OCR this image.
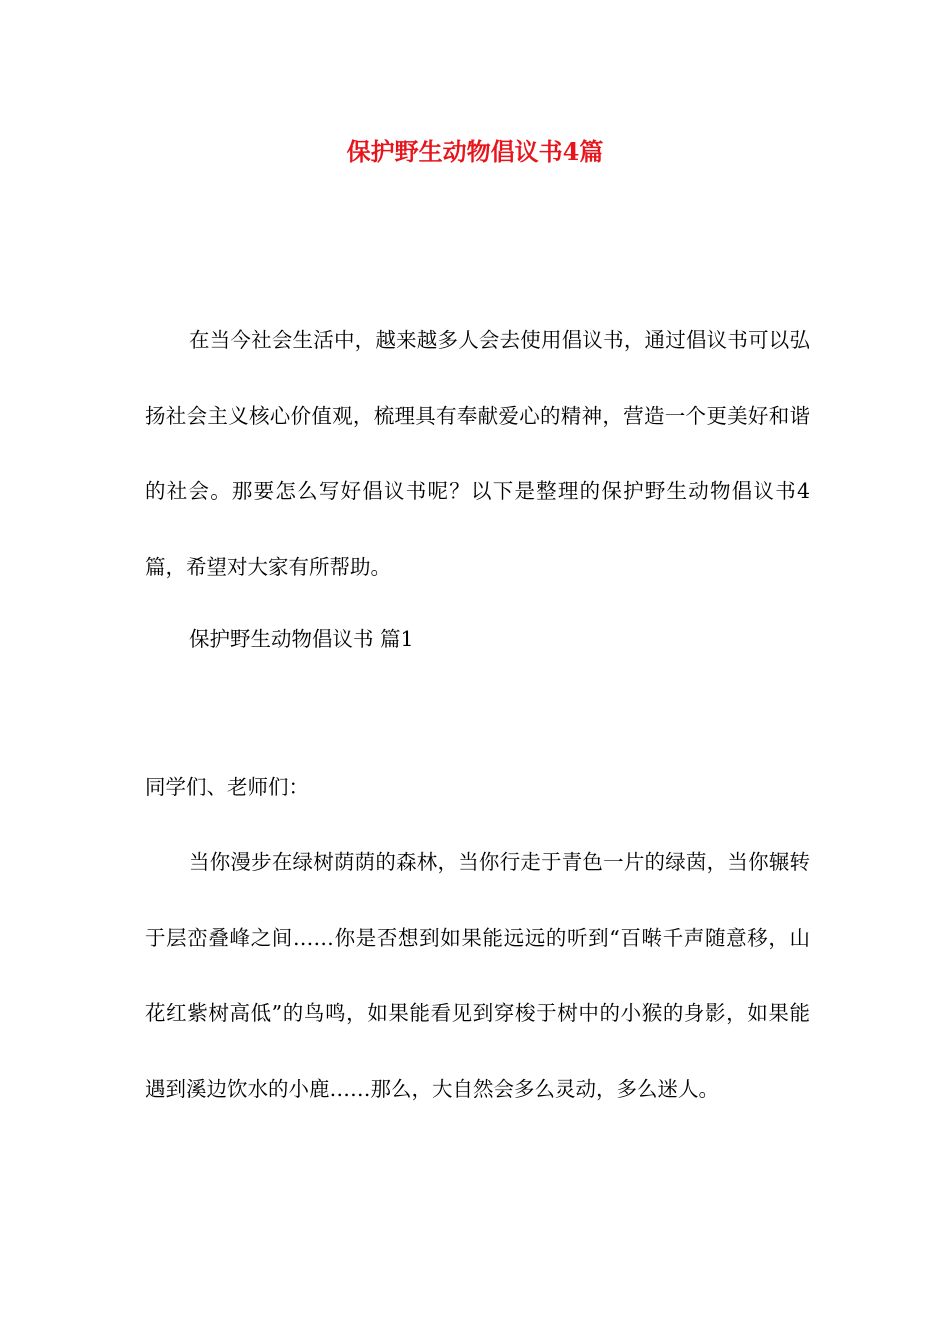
保护野生动物倡议书4篇

在当今社会生活中，越来越多人会去使用倡议书，通过倡议书可以弘扬社会主义核心价值观，梳理具有奉献爱心的精神，营造一个更美好和谐的社会。那要怎么写好倡议书呢？以下是整理的保护野生动物倡议书4篇，希望对大家有所帮助。

保护野生动物倡议书 篇1

同学们、老师们：

当你漫步在绿树荫荫的森林，当你行走于青色一片的绿茵，当你辗转于层峦叠峰之间……你是否想到如果能远远的听到“百啭千声随意移，山花红紫树高低”的鸟鸣，如果能看见到穿梭于树中的小猴的身影，如果能遇到溪边饮水的小鹿……那么，大自然会多么灵动，多么迷人。
